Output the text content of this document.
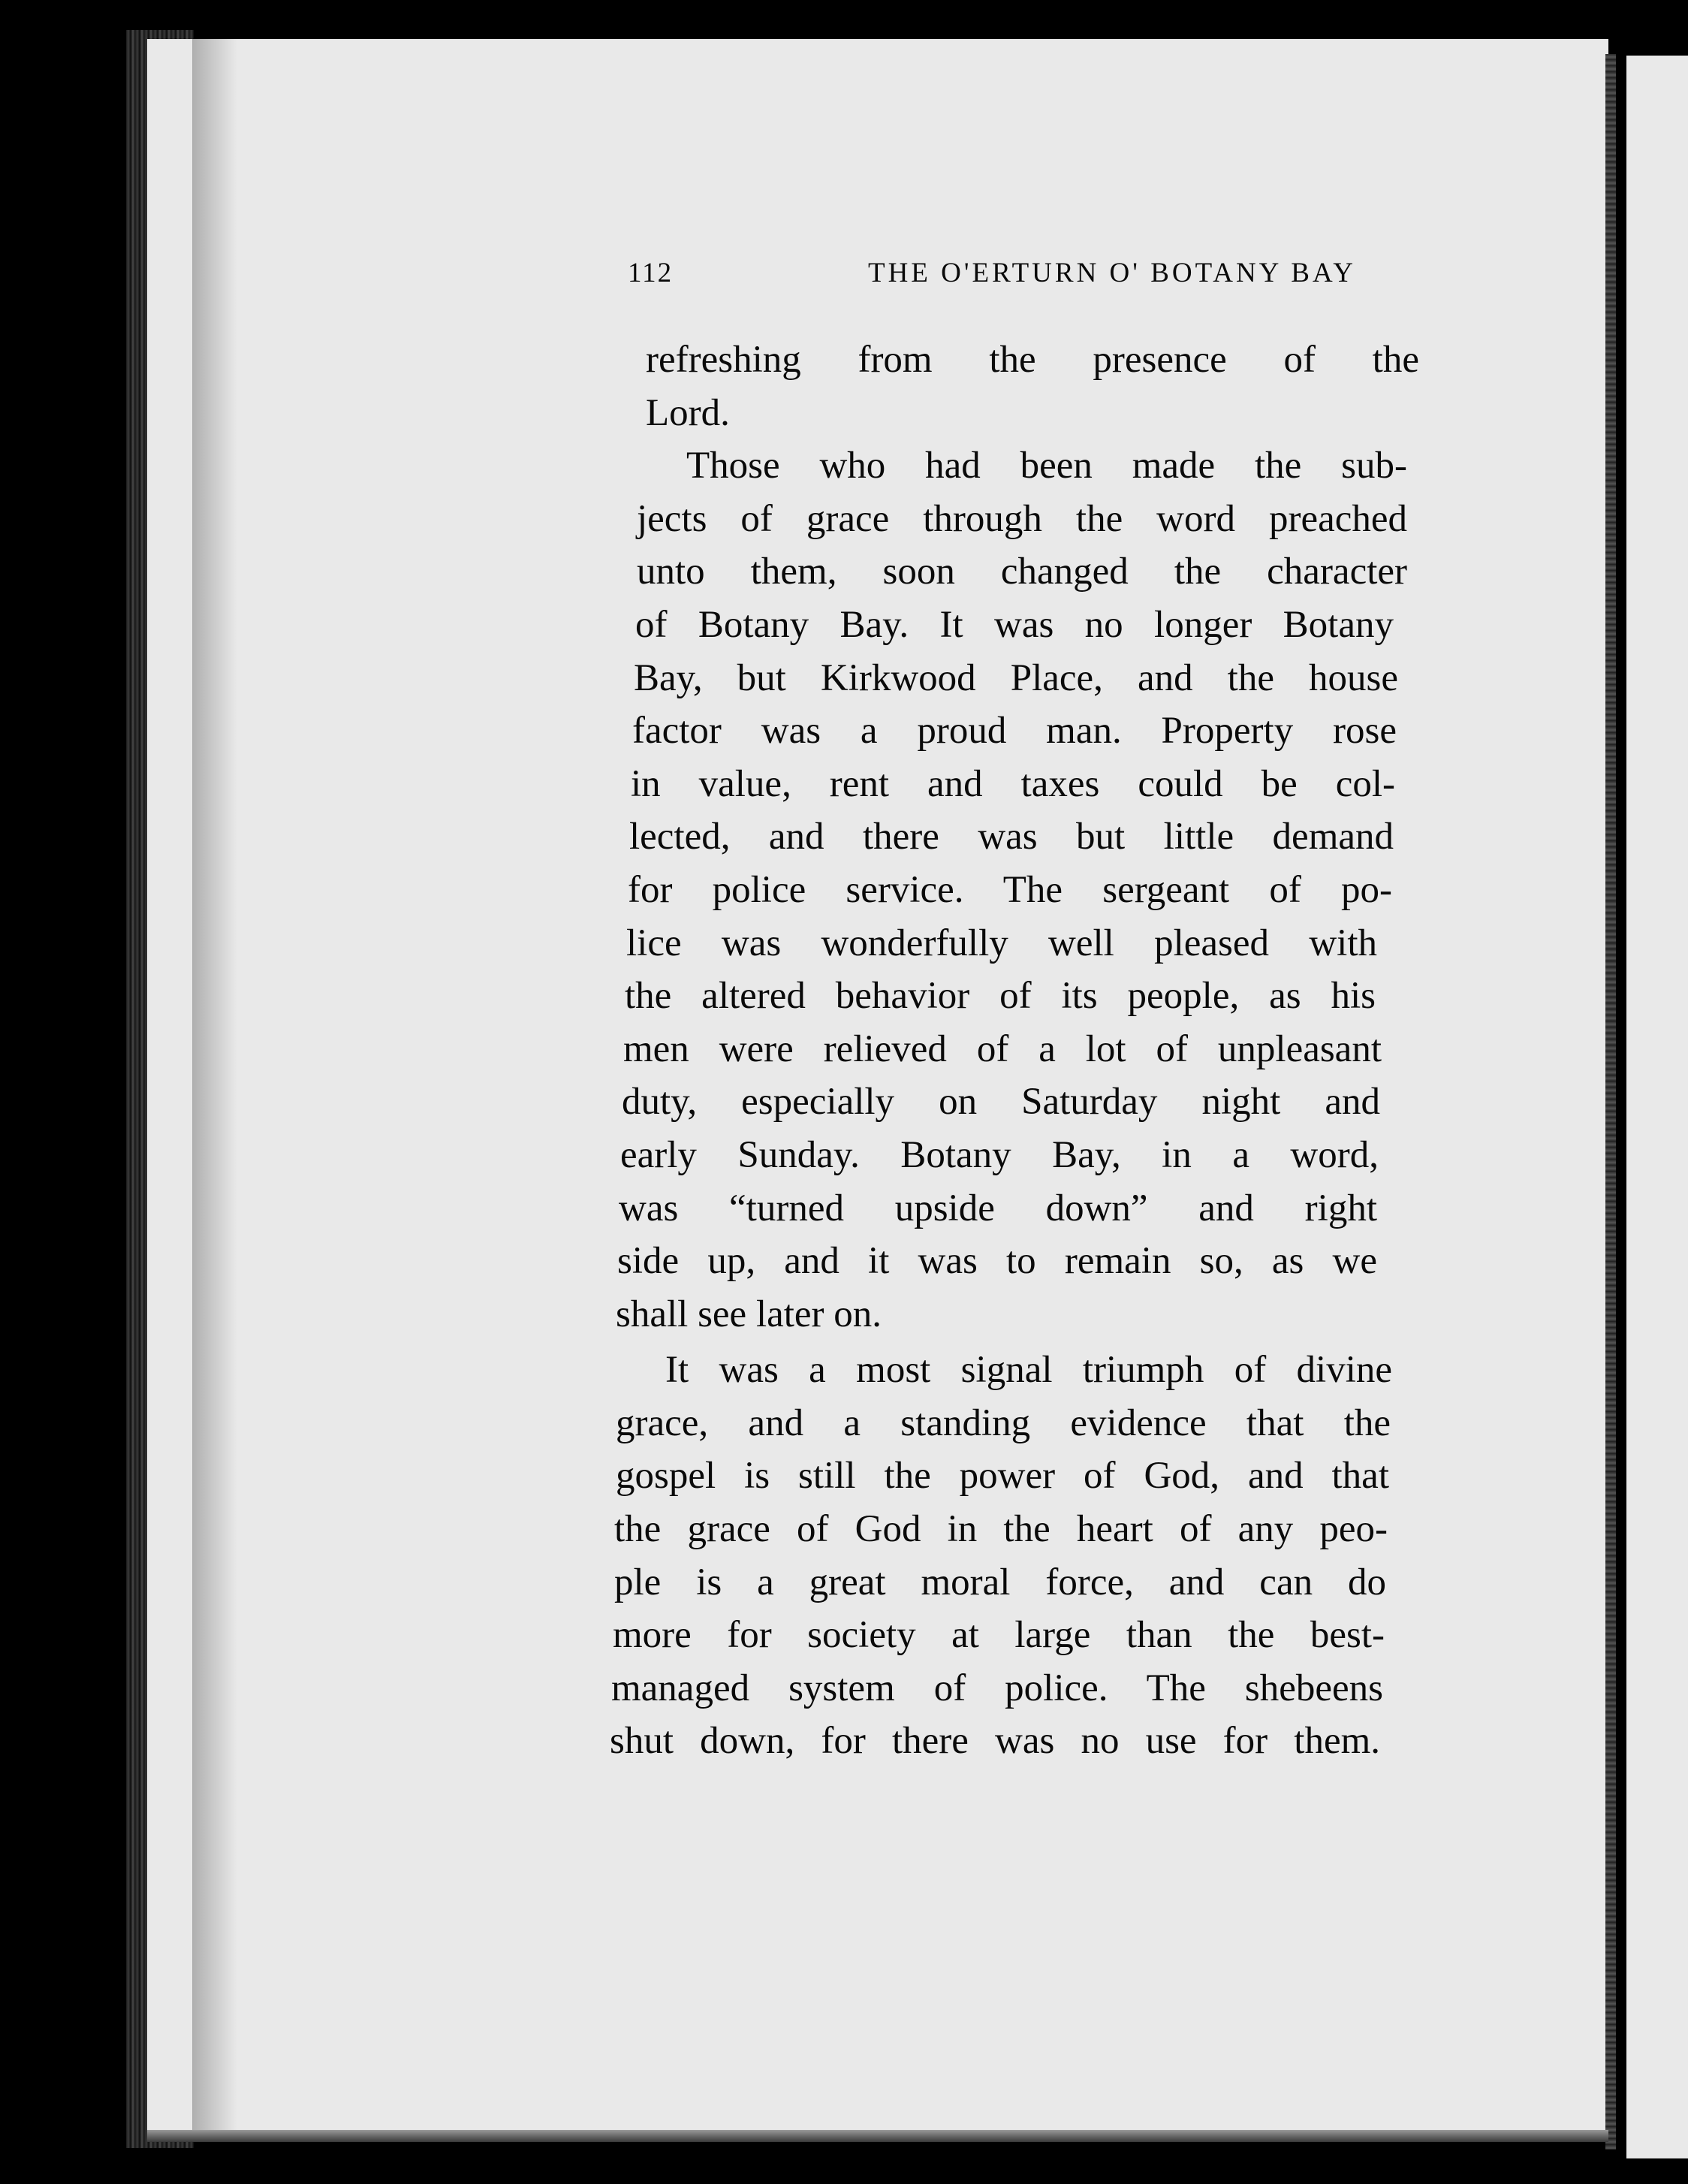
112	THE O'ERTURN O' BOTANY BAY
refreshing from the presence of the
Lord.
Those who had been made the sub-
jects of grace through the word preached
unto them, soon changed the character
of Botany Bay. It was no longer Botany
Bay, but Kirkwood Place, and the house
factor was a proud man. Property rose
in value, rent and taxes could be col-
lected, and there was but little demand
for police service. The sergeant of po-
lice was wonderfully well pleased with
the altered behavior of its people, as his
men were relieved of a lot of unpleasant
duty, especially on Saturday night and
early Sunday. Botany Bay, in a word,
was “turned upside down” and right
side up, and it was to remain so, as we
shall see later on.
It was a most signal triumph of divine
grace, and a standing evidence that the
gospel is still the power of God, and that
the grace of God in the heart of any peo-
ple is a great moral force, and can do
more for society at large than the best-
managed system of police. The shebeens
shut down, for there was no use for them.
